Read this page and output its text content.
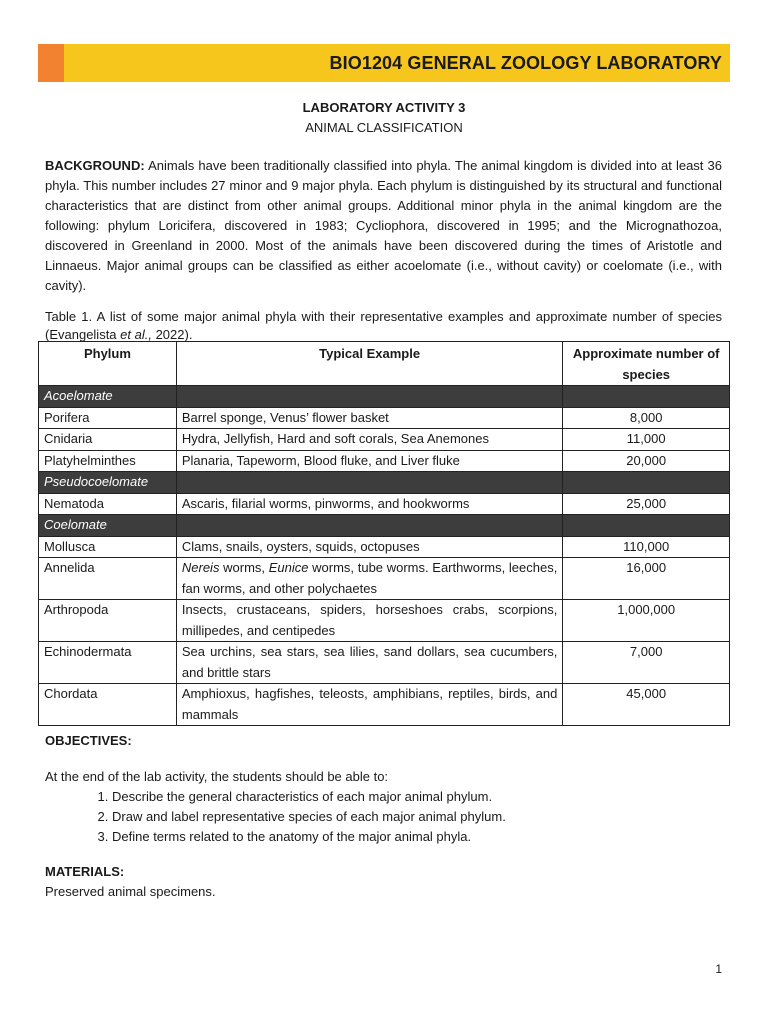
BIO1204 GENERAL ZOOLOGY LABORATORY
LABORATORY ACTIVITY 3
ANIMAL CLASSIFICATION
BACKGROUND: Animals have been traditionally classified into phyla. The animal kingdom is divided into at least 36 phyla. This number includes 27 minor and 9 major phyla. Each phylum is distinguished by its structural and functional characteristics that are distinct from other animal groups. Additional minor phyla in the animal kingdom are the following: phylum Loricifera, discovered in 1983; Cycliophora, discovered in 1995; and the Micrognathozoa, discovered in Greenland in 2000. Most of the animals have been discovered during the times of Aristotle and Linnaeus. Major animal groups can be classified as either acoelomate (i.e., without cavity) or coelomate (i.e., with cavity).
Table 1. A list of some major animal phyla with their representative examples and approximate number of species (Evangelista et al., 2022).
Phylum	Typical Example	Approximate number of species
Acoelomate		
Porifera	Barrel sponge, Venus’ flower basket	8,000
Cnidaria	Hydra, Jellyfish, Hard and soft corals, Sea Anemones	11,000
Platyhelminthes	Planaria, Tapeworm, Blood fluke, and Liver fluke	20,000
Pseudocoelomate		
Nematoda	Ascaris, filarial worms, pinworms, and hookworms	25,000
Coelomate		
Mollusca	Clams, snails, oysters, squids, octopuses	110,000
Annelida	Nereis worms, Eunice worms, tube worms. Earthworms, leeches, fan worms, and other polychaetes	16,000
Arthropoda	Insects, crustaceans, spiders, horseshoes crabs, scorpions, millipedes, and centipedes	1,000,000
Echinodermata	Sea urchins, sea stars, sea lilies, sand dollars, sea cucumbers, and brittle stars	7,000
Chordata	Amphioxus, hagfishes, teleosts, amphibians, reptiles, birds, and mammals	45,000
OBJECTIVES:
At the end of the lab activity, the students should be able to:
1. Describe the general characteristics of each major animal phylum.
2. Draw and label representative species of each major animal phylum.
3. Define terms related to the anatomy of the major animal phyla.
MATERIALS:
Preserved animal specimens.
1
